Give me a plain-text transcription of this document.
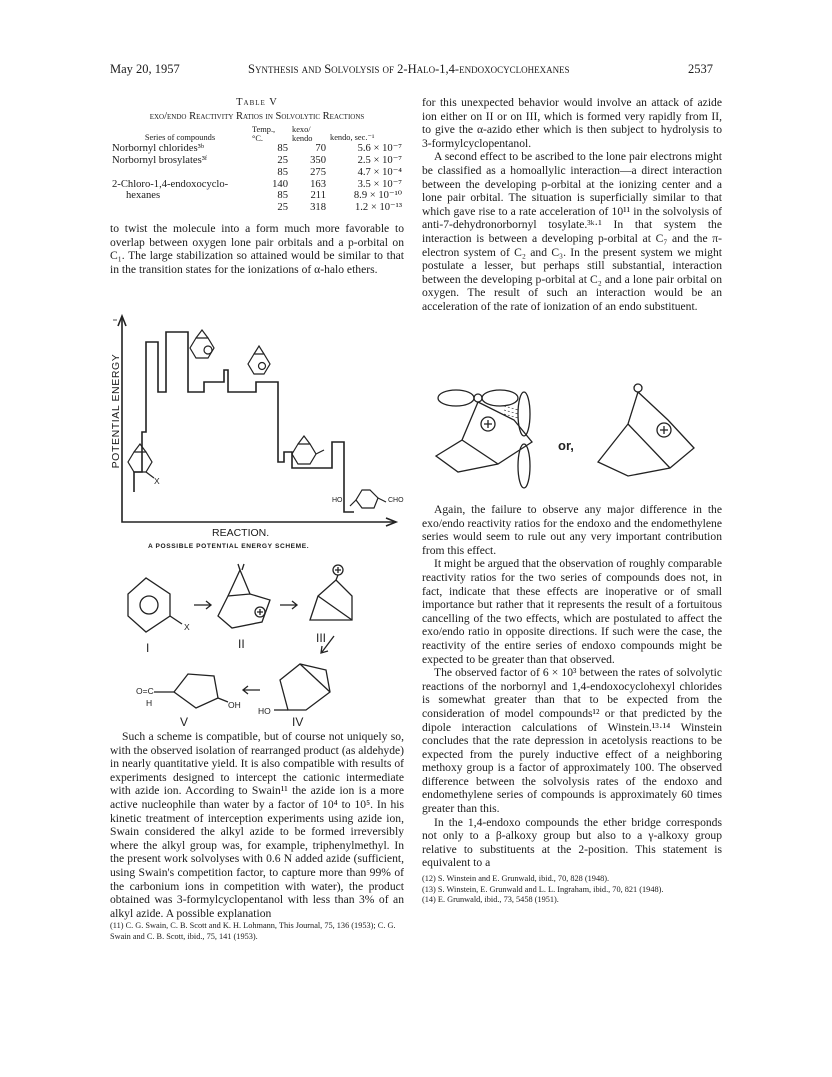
May 20, 1957	Synthesis and Solvolysis of 2-Halo-1,4-endoxocyclohexanes	2537
Table V
exo/endo Reactivity Ratios in Solvolytic Reactions
Series of compounds	Temp., °C.	kexo/ kendo	kendo, sec.⁻¹
Norbornyl chlorides³ᵇ	85	70	5.6 × 10⁻⁷
Norbornyl brosylates³ᶠ	25	350	2.5 × 10⁻⁷
	85	275	4.7 × 10⁻⁴
2-Chloro-1,4-endoxocyclo-	140	163	3.5 × 10⁻⁷
hexanes	85	211	8.9 × 10⁻¹⁰
	25	318	1.2 × 10⁻¹³

to twist the molecule into a form much more favorable to overlap between oxygen lone pair orbitals and a p-orbital on C₁. The large stabilization so attained would be similar to that in the transition states for the ionizations of α-halo ethers.

X
HO	CHO
POTENTIAL ENERGY
REACTION.
A POSSIBLE POTENTIAL ENERGY SCHEME.
I	II	III
IV
V
X
O=C
H	OH
HO

Such a scheme is compatible, but of course not uniquely so, with the observed isolation of rearranged product (as aldehyde) in nearly quantitative yield. It is also compatible with results of experiments designed to intercept the cationic intermediate with azide ion. According to Swain¹¹ the azide ion is a more active nucleophile than water by a factor of 10⁴ to 10⁵. In his kinetic treatment of interception experiments using azide ion, Swain considered the alkyl azide to be formed irreversibly where the alkyl group was, for example, triphenylmethyl. In the present work solvolyses with 0.6 N added azide (sufficient, using Swain's competition factor, to capture more than 99% of the carbonium ions in competition with water), the product obtained was 3-formylcyclopentanol with less than 3% of an alkyl azide. A possible explanation

(11) C. G. Swain, C. B. Scott and K. H. Lohmann, This Journal, 75, 136 (1953); C. G. Swain and C. B. Scott, ibid., 75, 141 (1953).

for this unexpected behavior would involve an attack of azide ion either on II or on III, which is formed very rapidly from II, to give the α-azido ether which is then subject to hydrolysis to 3-formylcyclopentanol.

A second effect to be ascribed to the lone pair electrons might be classified as a homoallylic interaction—a direct interaction between the developing p-orbital at the ionizing center and a lone pair orbital. The situation is superficially similar to that which gave rise to a rate acceleration of 10¹¹ in the solvolysis of anti-7-dehydronorbornyl tosylate.³ᵏ·¹ In that system the interaction is between a developing p-orbital at C₇ and the π-electron system of C₂ and C₃. In the present system we might postulate a lesser, but perhaps still substantial, interaction between the developing p-orbital at C₂ and a lone pair orbital on oxygen. The result of such an interaction would be an acceleration of the rate of ionization of an endo substituent.

or,

Again, the failure to observe any major difference in the exo/endo reactivity ratios for the endoxo and the endomethylene series would seem to rule out any very important contribution from this effect.

It might be argued that the observation of roughly comparable reactivity ratios for the two series of compounds does not, in fact, indicate that these effects are inoperative or of small importance but rather that it represents the result of a fortuitous cancelling of the two effects, which are postulated to affect the exo/endo ratio in opposite directions. If such were the case, the reactivity of the entire series of endoxo compounds might be expected to be greater than that observed.

The observed factor of 6 × 10³ between the rates of solvolytic reactions of the norbornyl and 1,4-endoxocyclohexyl chlorides is somewhat greater than that to be expected from the consideration of model compounds¹² or that predicted by the dipole interaction calculations of Winstein.¹³·¹⁴ Winstein concludes that the rate depression in acetolysis reactions to be expected from the purely inductive effect of a neighboring methoxy group is a factor of approximately 100. The observed difference between the solvolysis rates of the endoxo and endomethylene series of compounds is approximately 60 times greater than this.

In the 1,4-endoxo compounds the ether bridge corresponds not only to a β-alkoxy group but also to a γ-alkoxy group relative to substituents at the 2-position. This statement is equivalent to a

(12) S. Winstein and E. Grunwald, ibid., 70, 828 (1948).

(13) S. Winstein, E. Grunwald and L. L. Ingraham, ibid., 70, 821 (1948).

(14) E. Grunwald, ibid., 73, 5458 (1951).
